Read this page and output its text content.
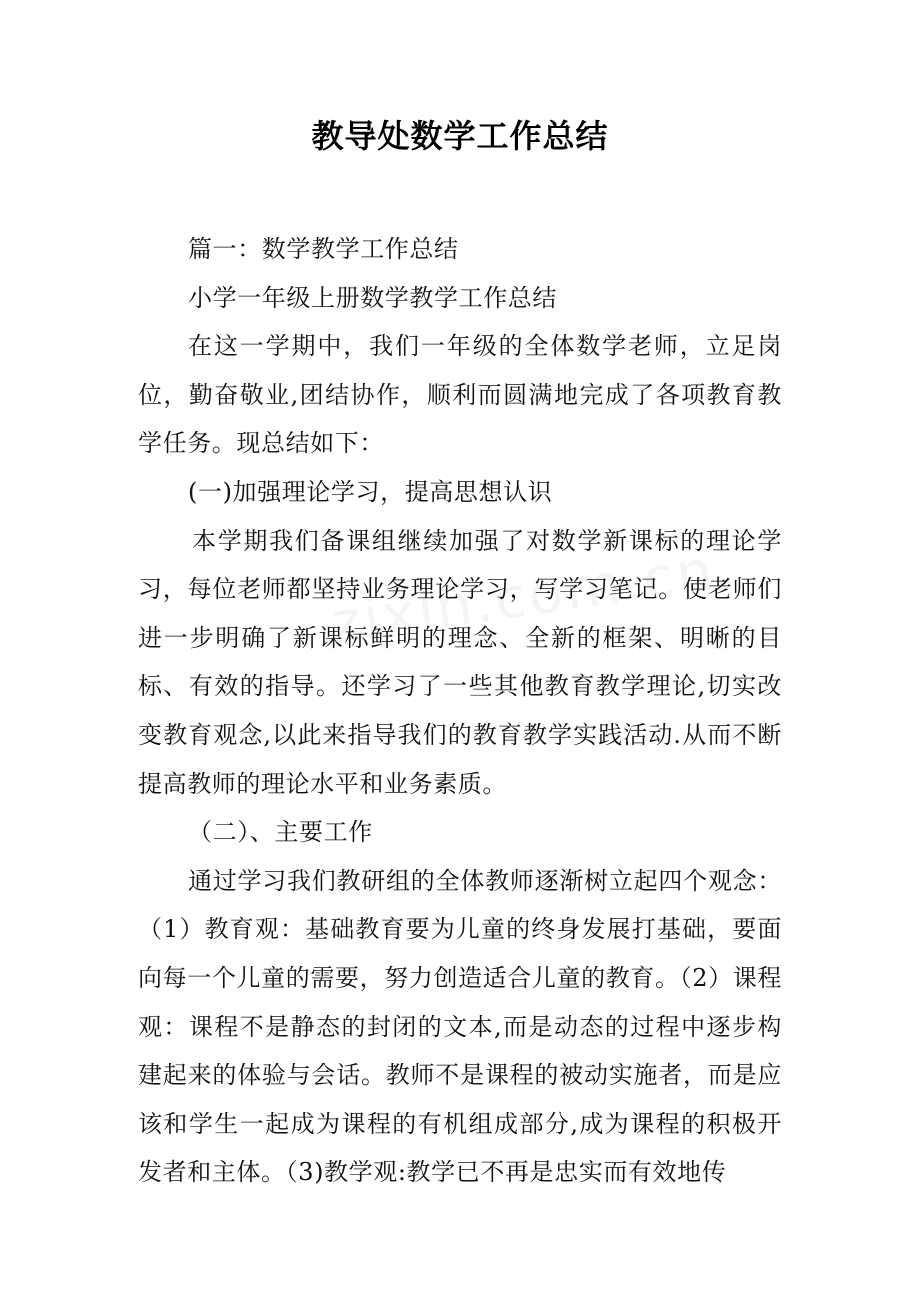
教导处数学工作总结

篇一：数学教学工作总结

小学一年级上册数学教学工作总结

在这一学期中，我们一年级的全体数学老师，立足岗位，勤奋敬业,团结协作，顺利而圆满地完成了各项教育教学任务。现总结如下：

(一)加强理论学习，提高思想认识

本学期我们备课组继续加强了对数学新课标的理论学习，每位老师都坚持业务理论学习，写学习笔记。使老师们进一步明确了新课标鲜明的理念、全新的框架、明晰的目标、有效的指导。还学习了一些其他教育教学理论,切实改变教育观念,以此来指导我们的教育教学实践活动.从而不断提高教师的理论水平和业务素质。

（二）、主要工作

通过学习我们教研组的全体教师逐渐树立起四个观念：（1）教育观：基础教育要为儿童的终身发展打基础，要面向每一个儿童的需要，努力创造适合儿童的教育。（2）课程观：课程不是静态的封闭的文本,而是动态的过程中逐步构建起来的体验与会话。教师不是课程的被动实施者，而是应该和学生一起成为课程的有机组成部分,成为课程的积极开发者和主体。（3)教学观:教学已不再是忠实而有效地传
